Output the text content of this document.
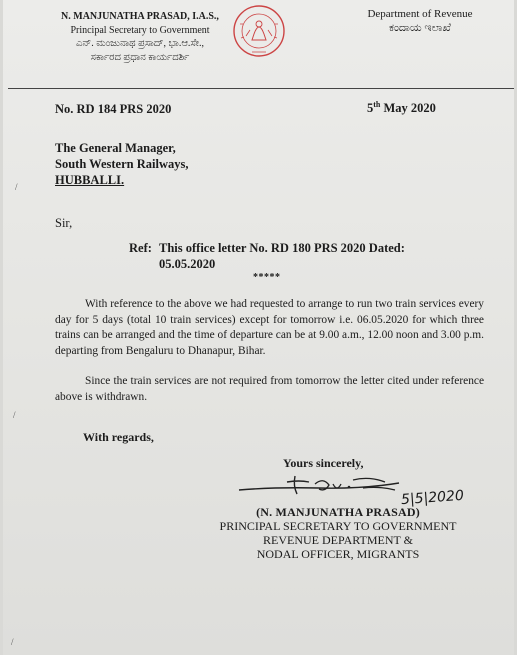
N. MANJUNATHA PRASAD, I.A.S.,
Principal Secretary to Government
ಎನ್. ಮಂಜುನಾಥ ಪ್ರಸಾದ್, ಭಾ.ಆ.ಸೇ.,
ಸರ್ಕಾರದ ಪ್ರಧಾನ ಕಾರ್ಯದರ್ಶಿ
Department of Revenue
ಕಂದಾಯ ಇಲಾಖೆ
No. RD 184 PRS 2020	5th May 2020
The General Manager,
South Western Railways,
HUBBALLI.
Sir,
Ref: This office letter No. RD 180 PRS 2020 Dated:
05.05.2020
*****
With reference to the above we had requested to arrange to run two train services every day for 5 days (total 10 train services) except for tomorrow i.e. 06.05.2020 for which three trains can be arranged and the time of departure can be at 9.00 a.m., 12.00 noon and 3.00 p.m. departing from Bengaluru to Dhanapur, Bihar.
Since the train services are not required from tomorrow the letter cited under reference above is withdrawn.
With regards,
Yours sincerely,
5|5|2020
(N. MANJUNATHA PRASAD)
PRINCIPAL SECRETARY TO GOVERNMENT
REVENUE DEPARTMENT &
NODAL OFFICER, MIGRANTS
/
/
/
